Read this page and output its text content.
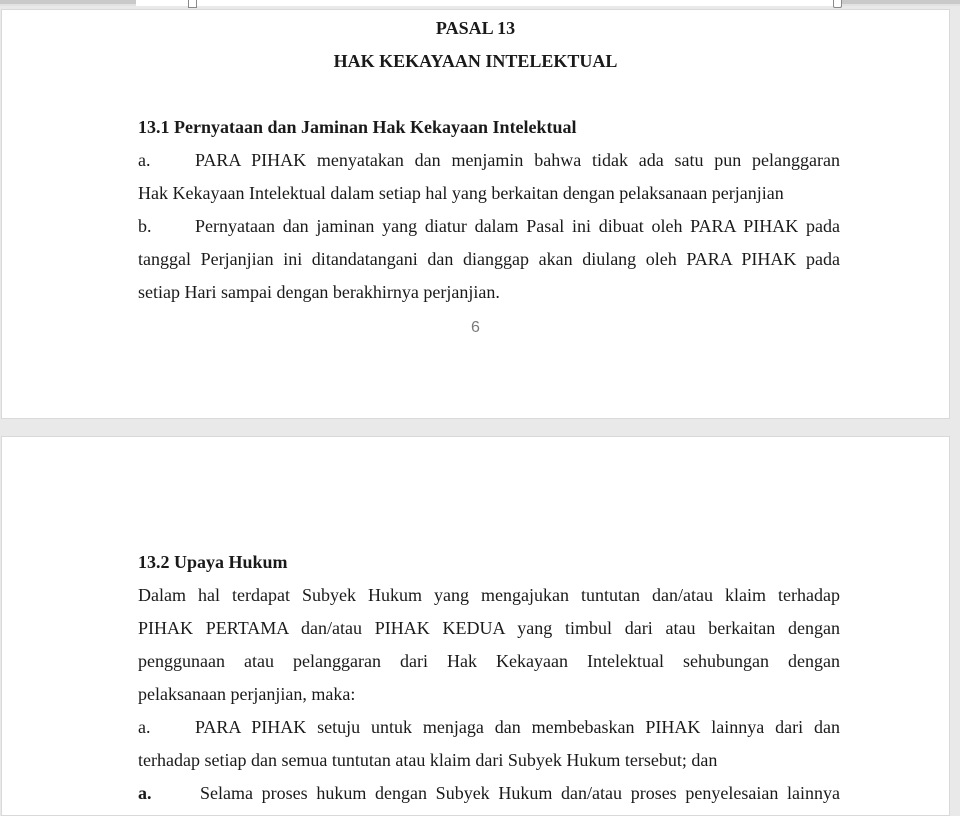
PASAL 13
HAK KEKAYAAN INTELEKTUAL
13.1 Pernyataan dan Jaminan Hak Kekayaan Intelektual
a. PARA PIHAK menyatakan dan menjamin bahwa tidak ada satu pun pelanggaran
Hak Kekayaan Intelektual dalam setiap hal yang berkaitan dengan pelaksanaan perjanjian
b. Pernyataan dan jaminan yang diatur dalam Pasal ini dibuat oleh PARA PIHAK pada
tanggal Perjanjian ini ditandatangani dan dianggap akan diulang oleh PARA PIHAK pada
setiap Hari sampai dengan berakhirnya perjanjian.
6
13.2 Upaya Hukum
Dalam hal terdapat Subyek Hukum yang mengajukan tuntutan dan/atau klaim terhadap
PIHAK PERTAMA dan/atau PIHAK KEDUA yang timbul dari atau berkaitan dengan
penggunaan atau pelanggaran dari Hak Kekayaan Intelektual sehubungan dengan
pelaksanaan perjanjian, maka:
a. PARA PIHAK setuju untuk menjaga dan membebaskan PIHAK lainnya dari dan
terhadap setiap dan semua tuntutan atau klaim dari Subyek Hukum tersebut; dan
a.	Selama proses hukum dengan Subyek Hukum dan/atau proses penyelesaian lainnya
